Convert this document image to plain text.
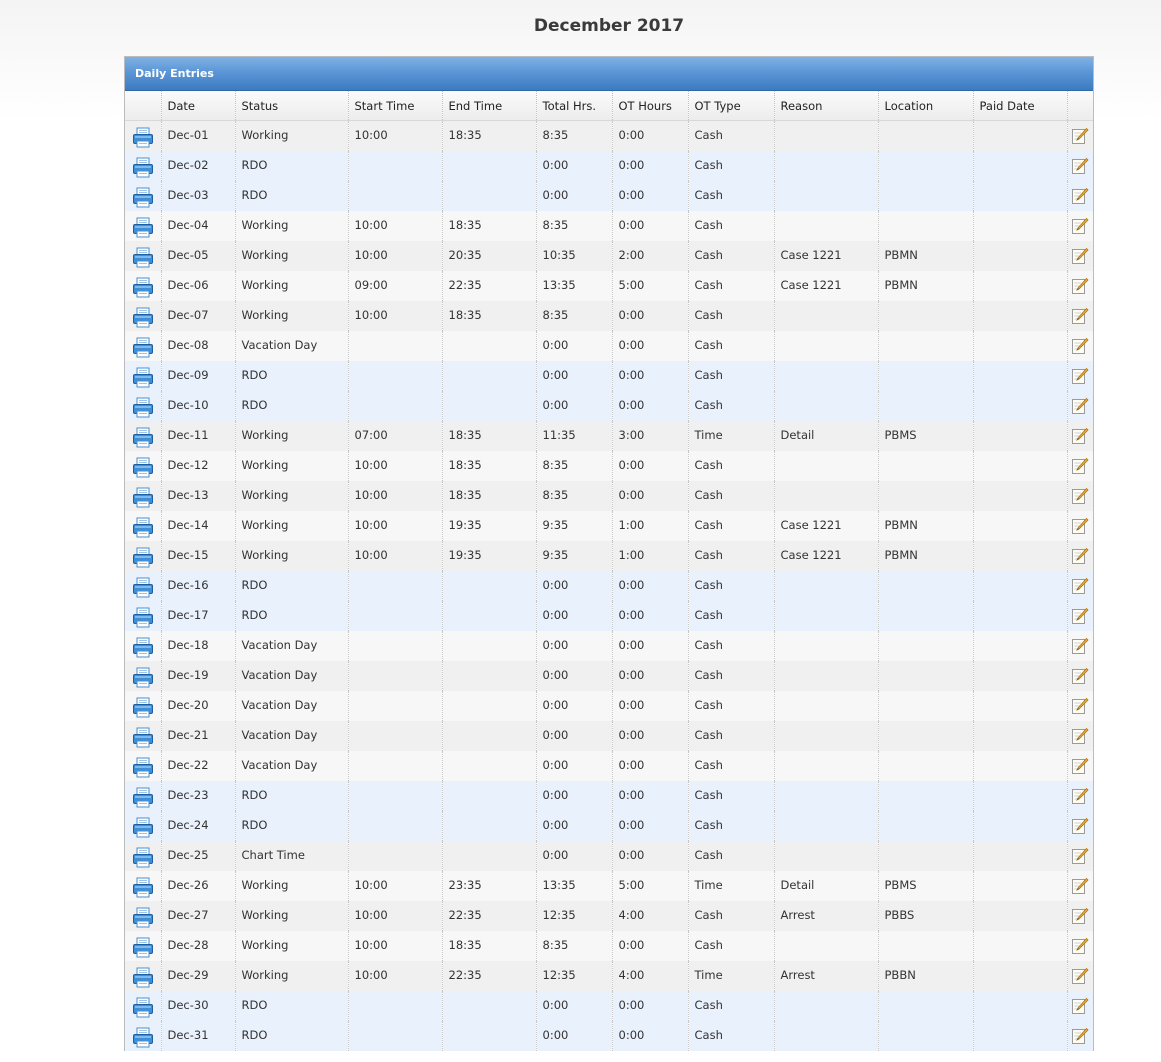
December 2017
Daily Entries
	Date	Status	Start Time	End Time	Total Hrs.	OT Hours	OT Type	Reason	Location	Paid Date	

	Dec-01	Working	10:00	18:35	8:35	0:00	Cash				

	Dec-02	RDO			0:00	0:00	Cash				

	Dec-03	RDO			0:00	0:00	Cash				

	Dec-04	Working	10:00	18:35	8:35	0:00	Cash				

	Dec-05	Working	10:00	20:35	10:35	2:00	Cash	Case 1221	PBMN		

	Dec-06	Working	09:00	22:35	13:35	5:00	Cash	Case 1221	PBMN		

	Dec-07	Working	10:00	18:35	8:35	0:00	Cash				

	Dec-08	Vacation Day			0:00	0:00	Cash				

	Dec-09	RDO			0:00	0:00	Cash				

	Dec-10	RDO			0:00	0:00	Cash				

	Dec-11	Working	07:00	18:35	11:35	3:00	Time	Detail	PBMS		

	Dec-12	Working	10:00	18:35	8:35	0:00	Cash				

	Dec-13	Working	10:00	18:35	8:35	0:00	Cash				

	Dec-14	Working	10:00	19:35	9:35	1:00	Cash	Case 1221	PBMN		

	Dec-15	Working	10:00	19:35	9:35	1:00	Cash	Case 1221	PBMN		

	Dec-16	RDO			0:00	0:00	Cash				

	Dec-17	RDO			0:00	0:00	Cash				

	Dec-18	Vacation Day			0:00	0:00	Cash				

	Dec-19	Vacation Day			0:00	0:00	Cash				

	Dec-20	Vacation Day			0:00	0:00	Cash				

	Dec-21	Vacation Day			0:00	0:00	Cash				

	Dec-22	Vacation Day			0:00	0:00	Cash				

	Dec-23	RDO			0:00	0:00	Cash				

	Dec-24	RDO			0:00	0:00	Cash				

	Dec-25	Chart Time			0:00	0:00	Cash				

	Dec-26	Working	10:00	23:35	13:35	5:00	Time	Detail	PBMS		

	Dec-27	Working	10:00	22:35	12:35	4:00	Cash	Arrest	PBBS		

	Dec-28	Working	10:00	18:35	8:35	0:00	Cash				

	Dec-29	Working	10:00	22:35	12:35	4:00	Time	Arrest	PBBN		

	Dec-30	RDO			0:00	0:00	Cash				

	Dec-31	RDO			0:00	0:00	Cash				
